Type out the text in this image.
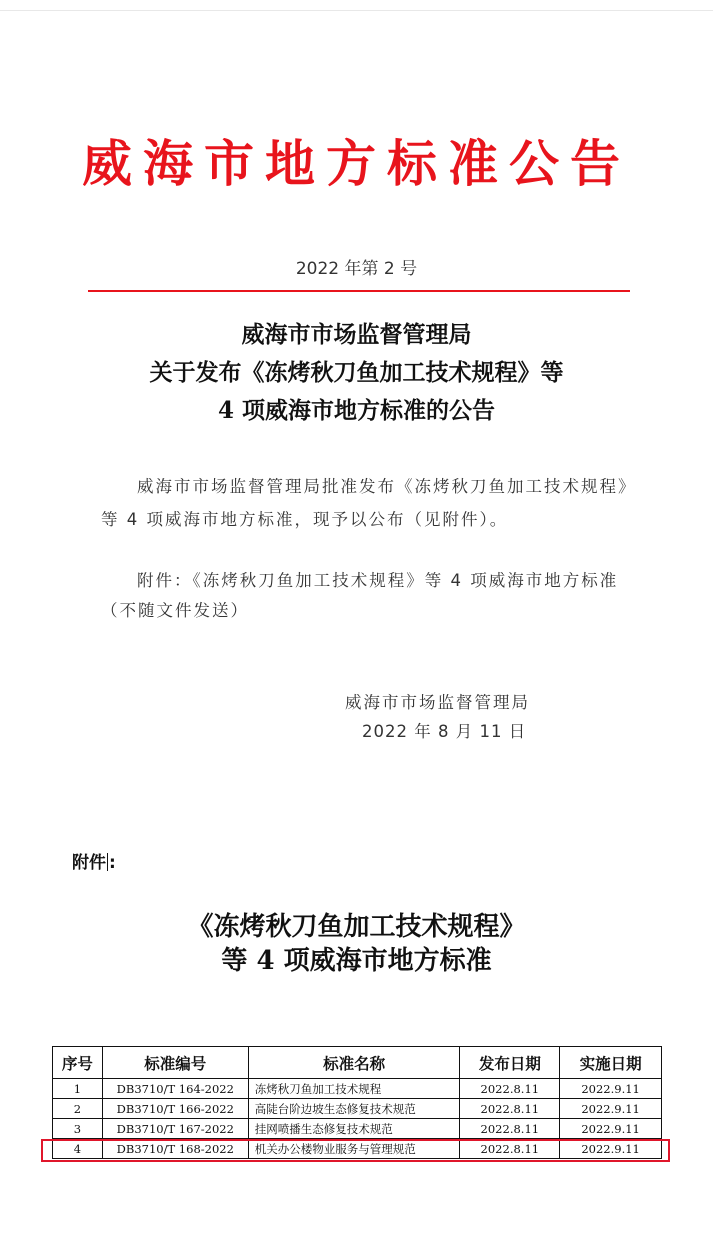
威海市地方标准公告
2022 年第 2 号
威海市市场监督管理局
关于发布《冻烤秋刀鱼加工技术规程》等
4 项威海市地方标准的公告
威海市市场监督管理局批准发布《冻烤秋刀鱼加工技术规程》
等 4 项威海市地方标准，现予以公布（见附件）。
附件：《冻烤秋刀鱼加工技术规程》等 4 项威海市地方标准
（不随文件发送）
威海市市场监督管理局
2022 年 8 月 11 日
附件 :
《冻烤秋刀鱼加工技术规程》
等 4 项威海市地方标准
序号	标准编号	标准名称	发布日期	实施日期
1	DB3710/T 164-2022	冻烤秋刀鱼加工技术规程	2022.8.11	2022.9.11
2	DB3710/T 166-2022	高陡台阶边坡生态修复技术规范	2022.8.11	2022.9.11
3	DB3710/T 167-2022	挂网喷播生态修复技术规范	2022.8.11	2022.9.11
4	DB3710/T 168-2022	机关办公楼物业服务与管理规范	2022.8.11	2022.9.11
